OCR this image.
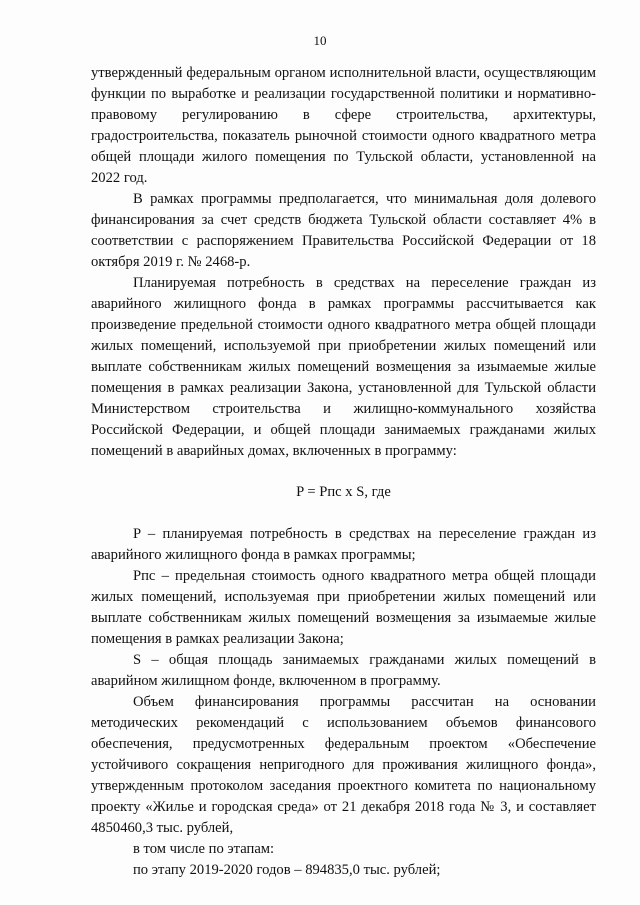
10

утвержденный федеральным органом исполнительной власти, осуществляющим функции по выработке и реализации государственной политики и нормативно-правовому регулированию в сфере строительства, архитектуры, градостроительства, показатель рыночной стоимости одного квадратного метра общей площади жилого помещения по Тульской области, установленной на 2022 год.

В рамках программы предполагается, что минимальная доля долевого финансирования за счет средств бюджета Тульской области составляет 4% в соответствии с распоряжением Правительства Российской Федерации от 18 октября 2019 г. № 2468-р.

Планируемая потребность в средствах на переселение граждан из аварийного жилищного фонда в рамках программы рассчитывается как произведение предельной стоимости одного квадратного метра общей площади жилых помещений, используемой при приобретении жилых помещений или выплате собственникам жилых помещений возмещения за изымаемые жилые помещения в рамках реализации Закона, установленной для Тульской области Министерством строительства и жилищно-коммунального хозяйства Российской Федерации, и общей площади занимаемых гражданами жилых помещений в аварийных домах, включенных в программу:

P = Рпс x S, где

P – планируемая потребность в средствах на переселение граждан из аварийного жилищного фонда в рамках программы;

Рпс – предельная стоимость одного квадратного метра общей площади жилых помещений, используемая при приобретении жилых помещений или выплате собственникам жилых помещений возмещения за изымаемые жилые помещения в рамках реализации Закона;

S – общая площадь занимаемых гражданами жилых помещений в аварийном жилищном фонде, включенном в программу.

Объем финансирования программы рассчитан на основании методических рекомендаций с использованием объемов финансового обеспечения, предусмотренных федеральным проектом «Обеспечение устойчивого сокращения непригодного для проживания жилищного фонда», утвержденным протоколом заседания проектного комитета по национальному проекту «Жилье и городская среда» от 21 декабря 2018 года № 3, и составляет 4850460,3 тыс. рублей,

в том числе по этапам:

по этапу 2019-2020 годов – 894835,0 тыс. рублей;
